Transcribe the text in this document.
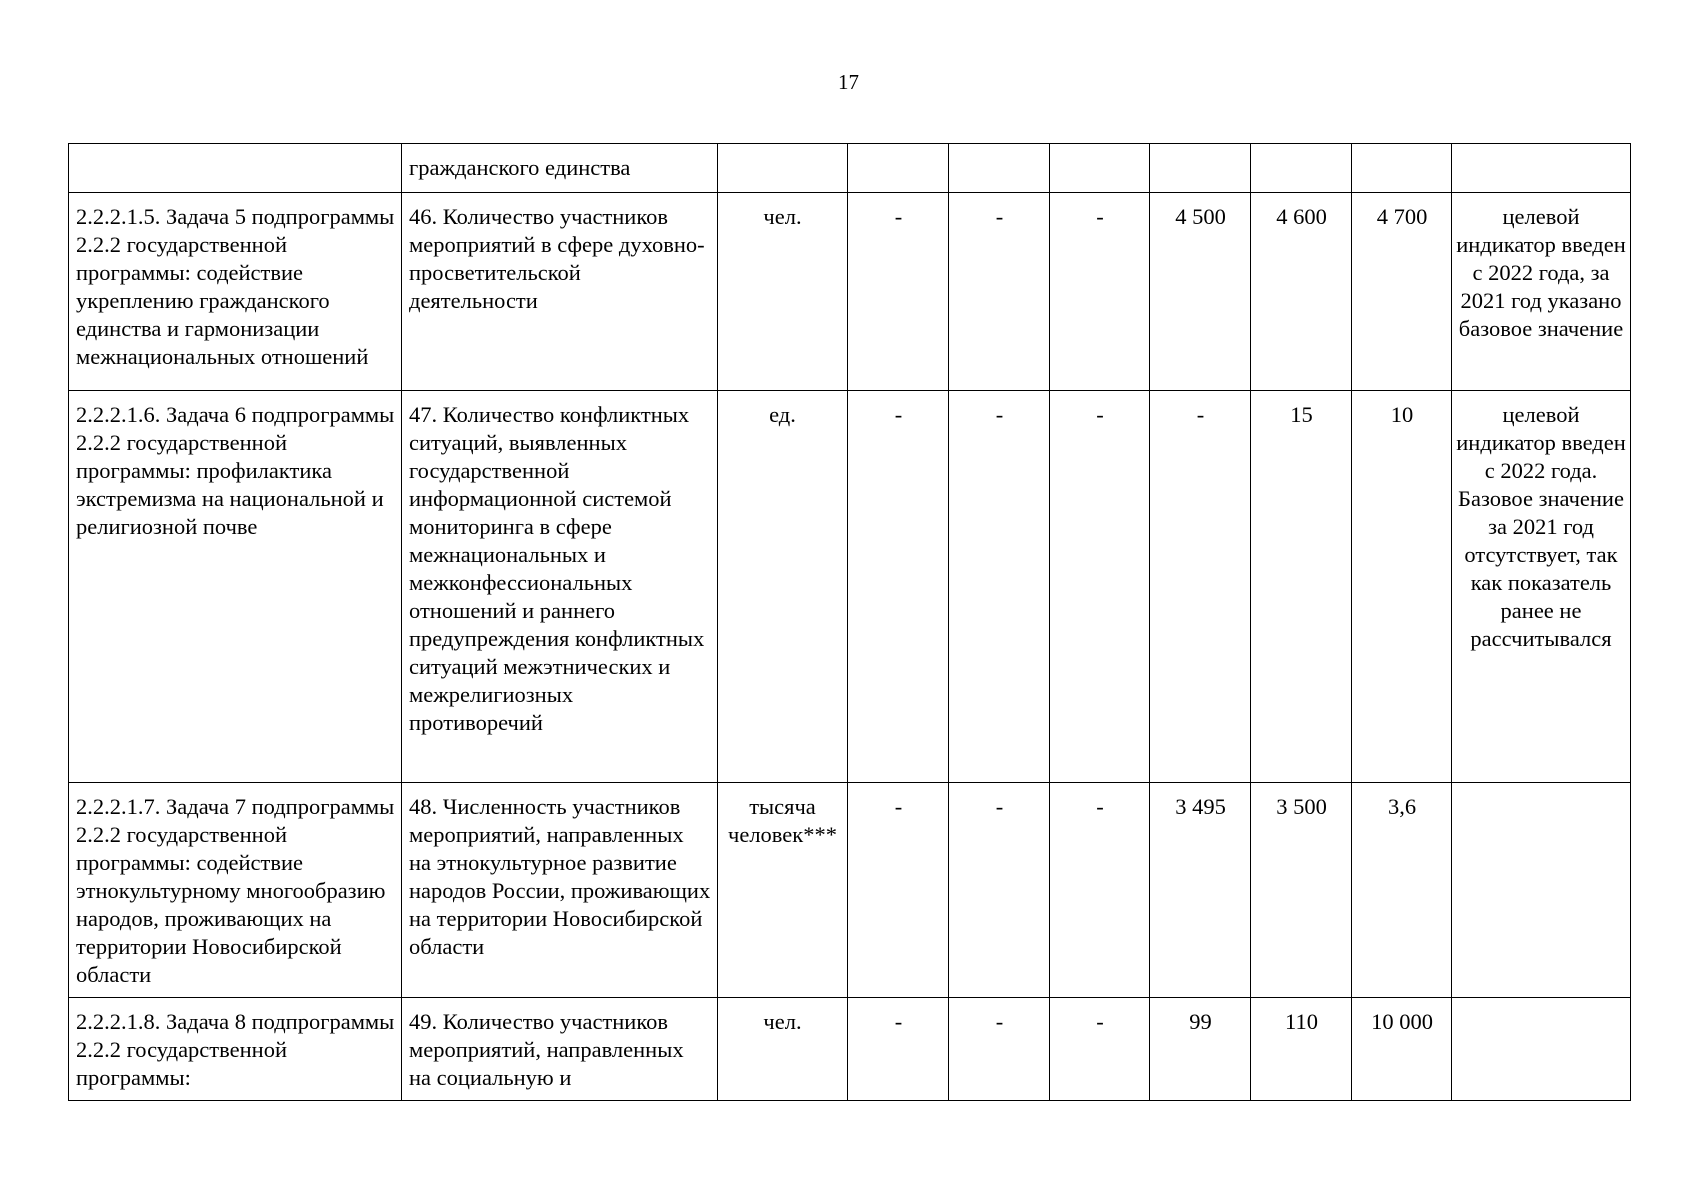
17
	гражданского единства								
2.2.2.1.5. Задача 5 подпрограммы 2.2.2 государственной программы: содействие укреплению гражданского единства и гармонизации межнациональных отношений	46. Количество участников мероприятий в сфере духовно-просветительской деятельности	чел.	-	-	-	4 500	4 600	4 700	целевой индикатор введен с 2022 года, за 2021 год указано базовое значение
2.2.2.1.6. Задача 6 подпрограммы 2.2.2 государственной программы: профилактика экстремизма на национальной и религиозной почве	47. Количество конфликтных ситуаций, выявленных государственной информационной системой мониторинга в сфере межнациональных и межконфессиональных отношений и раннего предупреждения конфликтных ситуаций межэтнических и межрелигиозных противоречий	ед.	-	-	-	-	15	10	целевой индикатор введен с 2022 года. Базовое значение за 2021 год отсутствует, так как показатель ранее не рассчитывался
2.2.2.1.7. Задача 7 подпрограммы 2.2.2 государственной программы: содействие этнокультурному многообразию народов, проживающих на территории Новосибирской области	48. Численность участников мероприятий, направленных на этнокультурное развитие народов России, проживающих на территории Новосибирской области	тысяча человек***	-	-	-	3 495	3 500	3,6	
2.2.2.1.8. Задача 8 подпрограммы 2.2.2 государственной программы:	49. Количество участников мероприятий, направленных на социальную и	чел.	-	-	-	99	110	10 000	
